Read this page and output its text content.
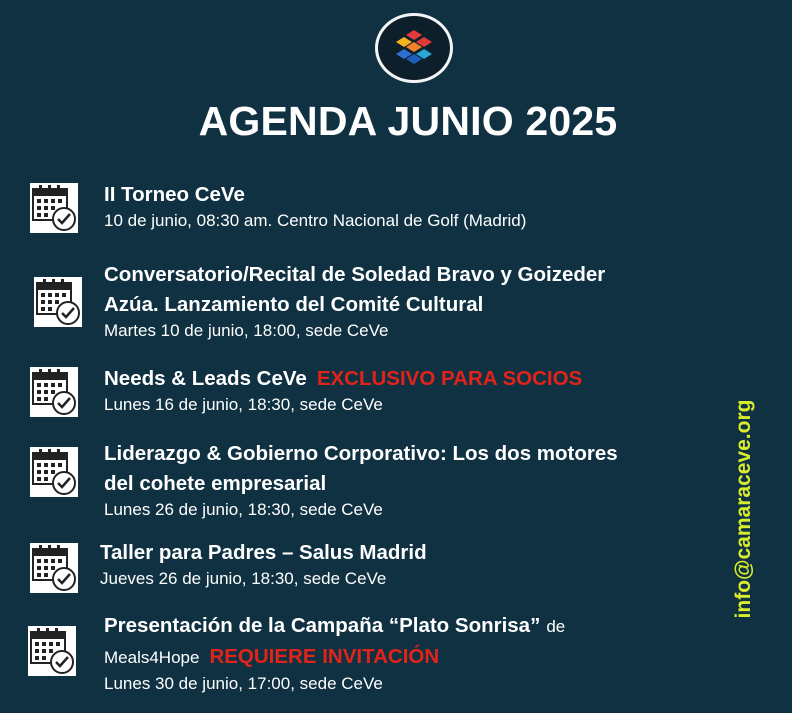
AGENDA JUNIO 2025
II Torneo CeVe
10 de junio, 08:30 am. Centro Nacional de Golf (Madrid)
Conversatorio/Recital de Soledad Bravo y Goizeder
Azúa. Lanzamiento del Comité Cultural
Martes 10 de junio, 18:00, sede CeVe
Needs & Leads CeVe EXCLUSIVO PARA SOCIOS
Lunes 16 de junio, 18:30, sede CeVe
Liderazgo & Gobierno Corporativo: Los dos motores
del cohete empresarial
Lunes 26 de junio, 18:30, sede CeVe
Taller para Padres – Salus Madrid
Jueves 26 de junio, 18:30, sede CeVe
Presentación de la Campaña “Plato Sonrisa” de
Meals4Hope REQUIERE INVITACIÓN
Lunes 30 de junio, 17:00, sede CeVe
info@camaraceve.org
